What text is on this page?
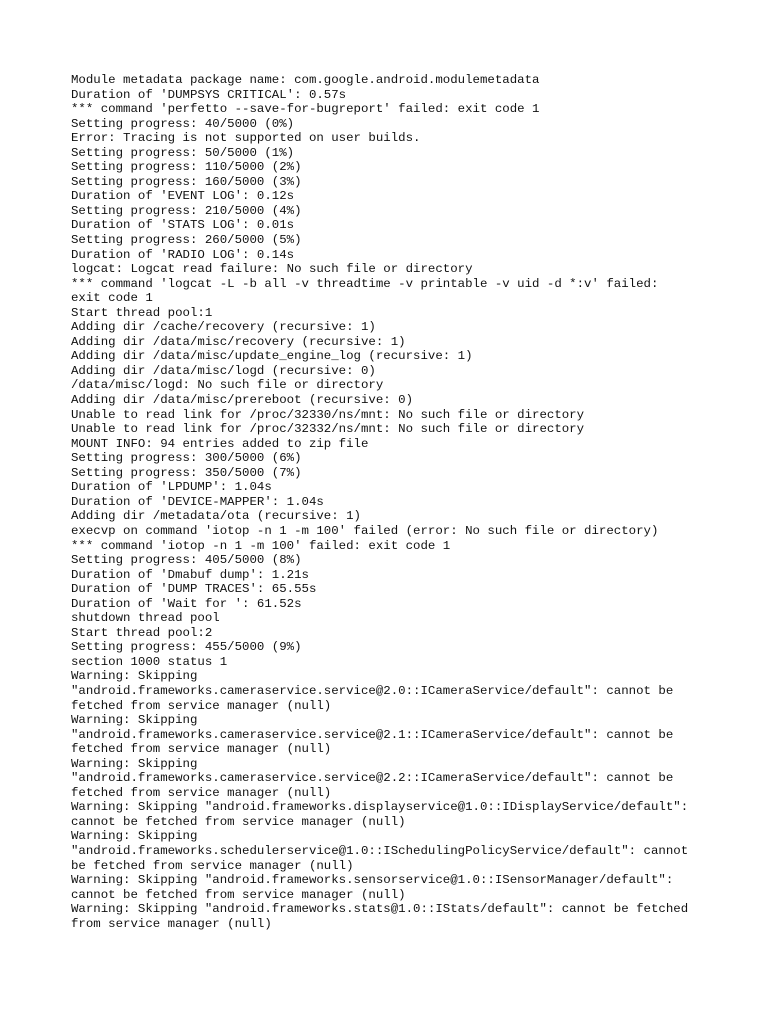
Module metadata package name: com.google.android.modulemetadata
Duration of 'DUMPSYS CRITICAL': 0.57s
*** command 'perfetto --save-for-bugreport' failed: exit code 1
Setting progress: 40/5000 (0%)
Error: Tracing is not supported on user builds.
Setting progress: 50/5000 (1%)
Setting progress: 110/5000 (2%)
Setting progress: 160/5000 (3%)
Duration of 'EVENT LOG': 0.12s
Setting progress: 210/5000 (4%)
Duration of 'STATS LOG': 0.01s
Setting progress: 260/5000 (5%)
Duration of 'RADIO LOG': 0.14s
logcat: Logcat read failure: No such file or directory
*** command 'logcat -L -b all -v threadtime -v printable -v uid -d *:v' failed:
exit code 1
Start thread pool:1
Adding dir /cache/recovery (recursive: 1)
Adding dir /data/misc/recovery (recursive: 1)
Adding dir /data/misc/update_engine_log (recursive: 1)
Adding dir /data/misc/logd (recursive: 0)
/data/misc/logd: No such file or directory
Adding dir /data/misc/prereboot (recursive: 0)
Unable to read link for /proc/32330/ns/mnt: No such file or directory
Unable to read link for /proc/32332/ns/mnt: No such file or directory
MOUNT INFO: 94 entries added to zip file
Setting progress: 300/5000 (6%)
Setting progress: 350/5000 (7%)
Duration of 'LPDUMP': 1.04s
Duration of 'DEVICE-MAPPER': 1.04s
Adding dir /metadata/ota (recursive: 1)
execvp on command 'iotop -n 1 -m 100' failed (error: No such file or directory)
*** command 'iotop -n 1 -m 100' failed: exit code 1
Setting progress: 405/5000 (8%)
Duration of 'Dmabuf dump': 1.21s
Duration of 'DUMP TRACES': 65.55s
Duration of 'Wait for ': 61.52s
shutdown thread pool
Start thread pool:2
Setting progress: 455/5000 (9%)
section 1000 status 1
Warning: Skipping
"android.frameworks.cameraservice.service@2.0::ICameraService/default": cannot be
fetched from service manager (null)
Warning: Skipping
"android.frameworks.cameraservice.service@2.1::ICameraService/default": cannot be
fetched from service manager (null)
Warning: Skipping
"android.frameworks.cameraservice.service@2.2::ICameraService/default": cannot be
fetched from service manager (null)
Warning: Skipping "android.frameworks.displayservice@1.0::IDisplayService/default":
cannot be fetched from service manager (null)
Warning: Skipping
"android.frameworks.schedulerservice@1.0::ISchedulingPolicyService/default": cannot
be fetched from service manager (null)
Warning: Skipping "android.frameworks.sensorservice@1.0::ISensorManager/default":
cannot be fetched from service manager (null)
Warning: Skipping "android.frameworks.stats@1.0::IStats/default": cannot be fetched
from service manager (null)
